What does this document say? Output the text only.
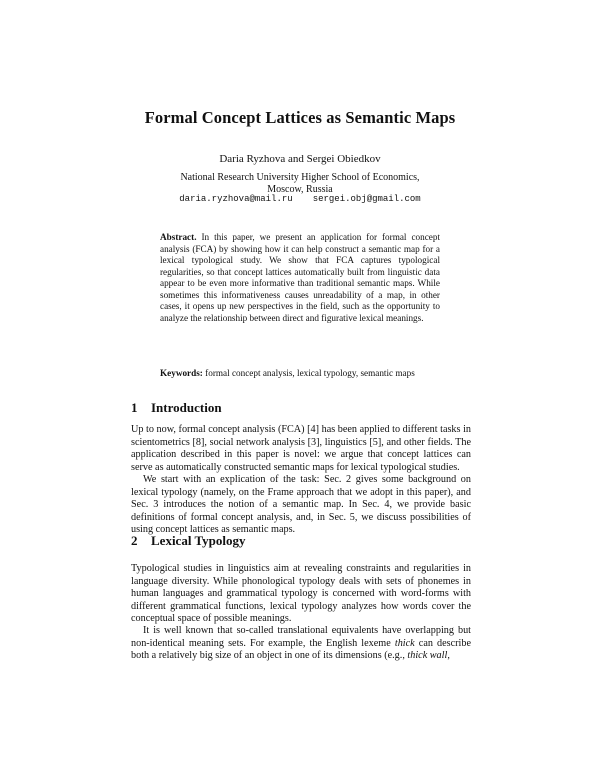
Formal Concept Lattices as Semantic Maps
Daria Ryzhova and Sergei Obiedkov
National Research University Higher School of Economics,
Moscow, Russia
daria.ryzhova@mail.ru sergei.obj@gmail.com
Abstract. In this paper, we present an application for formal concept analysis (FCA) by showing how it can help construct a semantic map for a lexical typological study. We show that FCA captures typological regularities, so that concept lattices automatically built from linguistic data appear to be even more informative than traditional semantic maps. While sometimes this informativeness causes unreadability of a map, in other cases, it opens up new perspectives in the field, such as the opportunity to analyze the relationship between direct and figurative lexical meanings.
Keywords: formal concept analysis, lexical typology, semantic maps
1 Introduction
Up to now, formal concept analysis (FCA) [4] has been applied to different tasks in scientometrics [8], social network analysis [3], linguistics [5], and other fields. The application described in this paper is novel: we argue that concept lattices can serve as automatically constructed semantic maps for lexical typological studies.
We start with an explication of the task: Sec. 2 gives some background on lexical typology (namely, on the Frame approach that we adopt in this paper), and Sec. 3 introduces the notion of a semantic map. In Sec. 4, we provide basic definitions of formal concept analysis, and, in Sec. 5, we discuss possibilities of using concept lattices as semantic maps.
2 Lexical Typology
Typological studies in linguistics aim at revealing constraints and regularities in language diversity. While phonological typology deals with sets of phonemes in human languages and grammatical typology is concerned with word-forms with different grammatical functions, lexical typology analyzes how words cover the conceptual space of possible meanings.
It is well known that so-called translational equivalents have overlapping but non-identical meaning sets. For example, the English lexeme thick can describe both a relatively big size of an object in one of its dimensions (e.g., thick wall,
